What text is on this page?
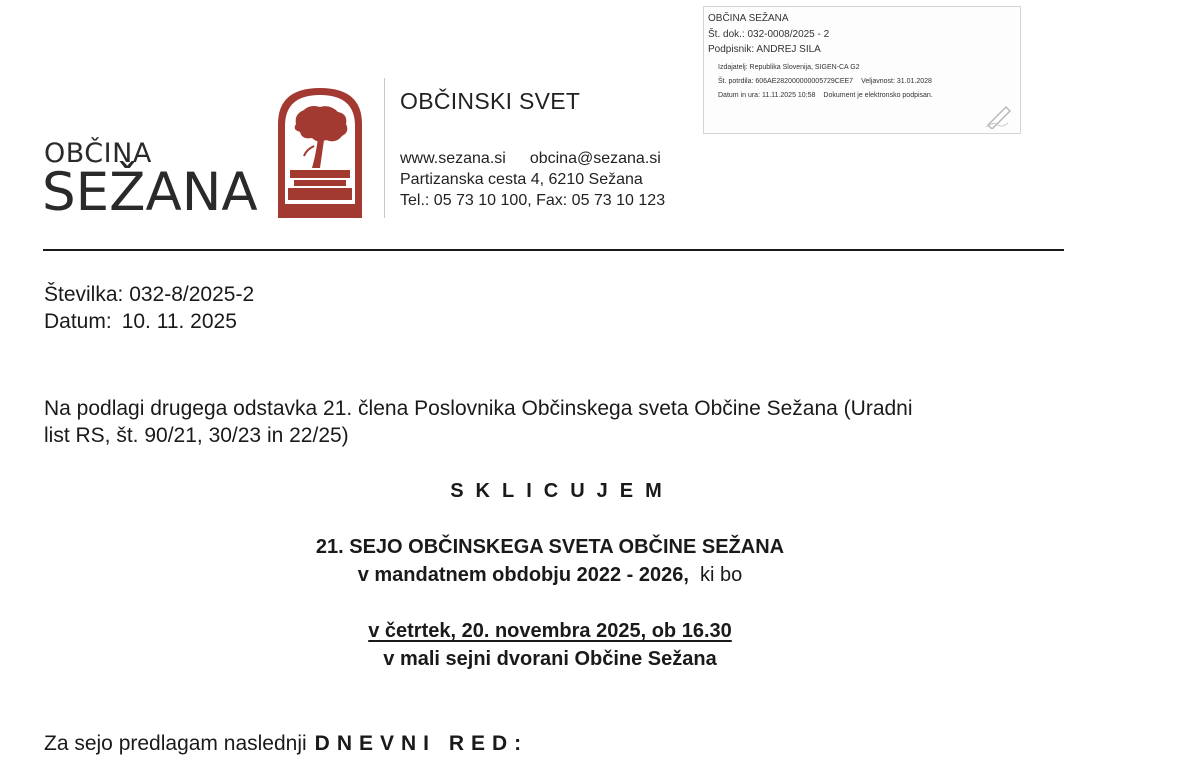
OBČINA
SEŽANA
OBČINSKI SVET
www.sezana.si obcina@sezana.si
Partizanska cesta 4, 6210 Sežana
Tel.: 05 73 10 100, Fax: 05 73 10 123
OBČINA SEŽANA
Št. dok.: 032-0008/2025 - 2
Podpisnik: ANDREJ SILA
Izdajatelj: Republika Slovenija, SIGEN-CA G2
Št. potrdila: 606AE282000000005729CEE7 Veljavnost: 31.01.2028
Datum in ura: 11.11.2025 10:58 Dokument je elektronsko podpisan.
Številka: 032-8/2025-2
Datum: 10. 11. 2025
Na podlagi drugega odstavka 21. člena Poslovnika Občinskega sveta Občine Sežana (Uradni
list RS, št. 90/21, 30/23 in 22/25)
SKLICUJEM
21. SEJO OBČINSKEGA SVETA OBČINE SEŽANA
v mandatnem obdobju 2022 - 2026, ki bo
v četrtek, 20. novembra 2025, ob 16.30
v mali sejni dvorani Občine Sežana
Za sejo predlagam naslednji DNEVNI RED:
